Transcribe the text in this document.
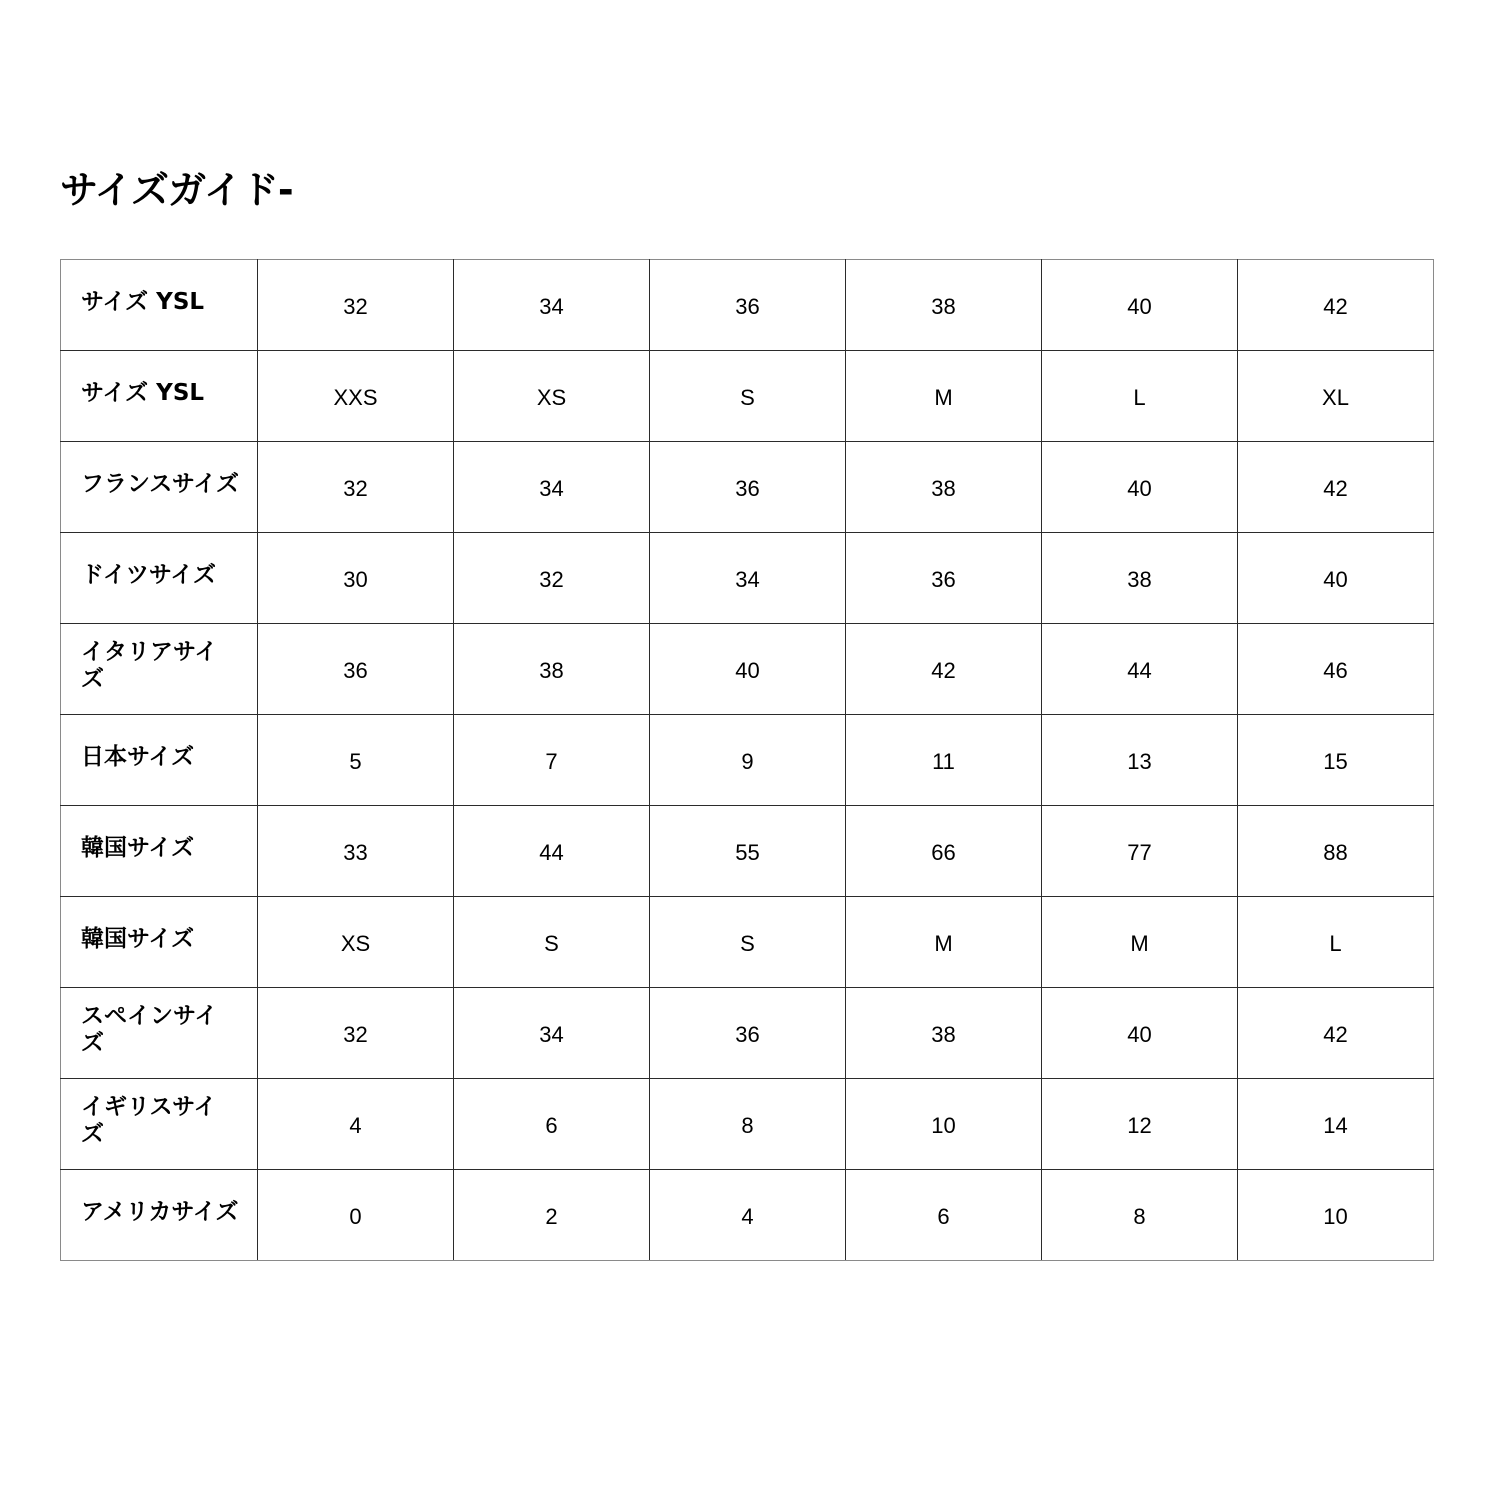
サイズガイド-
サイズ YSL	32	34	36	38	40	42

サイズ YSL	XXS	XS	S	M	L	XL

フランスサイズ	32	34	36	38	40	42

ドイツサイズ	30	32	34	36	38	40

イタリアサイズ	36	38	40	42	44	46

日本サイズ	5	7	9	11	13	15

韓国サイズ	33	44	55	66	77	88

韓国サイズ	XS	S	S	M	M	L

スペインサイズ	32	34	36	38	40	42

イギリスサイズ	4	6	8	10	12	14

アメリカサイズ	0	2	4	6	8	10
